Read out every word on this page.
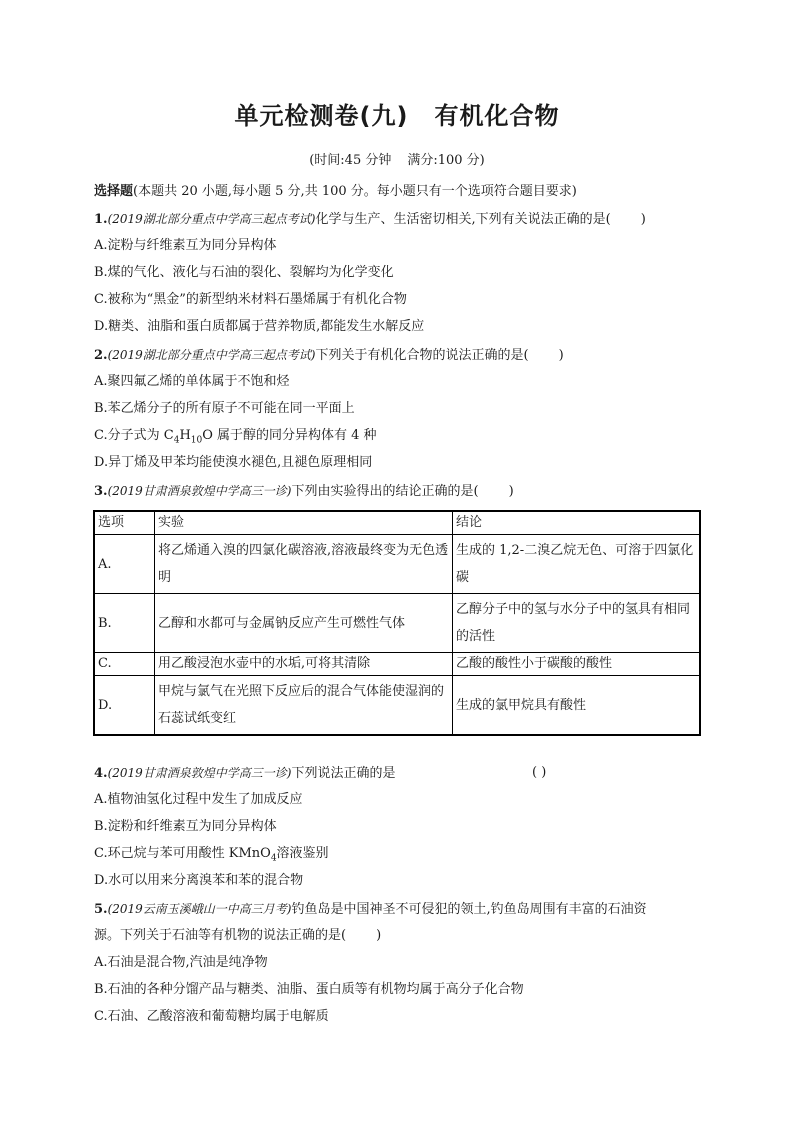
单元检测卷(九) 有机化合物
(时间:45 分钟 满分:100 分)
选择题(本题共 20 小题,每小题 5 分,共 100 分。每小题只有一个选项符合题目要求)
1.(2019湖北部分重点中学高三起点考试)化学与生产、生活密切相关,下列有关说法正确的是( )
A.淀粉与纤维素互为同分异构体
B.煤的气化、液化与石油的裂化、裂解均为化学变化
C.被称为“黑金”的新型纳米材料石墨烯属于有机化合物
D.糖类、油脂和蛋白质都属于营养物质,都能发生水解反应
2.(2019湖北部分重点中学高三起点考试)下列关于有机化合物的说法正确的是( )
A.聚四氟乙烯的单体属于不饱和烃
B.苯乙烯分子的所有原子不可能在同一平面上
C.分子式为 $C_4H_{10}O$ 属于醇的同分异构体有 4 种
D.异丁烯及甲苯均能使溴水褪色,且褪色原理相同
3.(2019甘肃酒泉敦煌中学高三一诊)下列由实验得出的结论正确的是( )
选项	实验	结论
A.	将乙烯通入溴的四氯化碳溶液,溶液最终变为无色透明	生成的 1,2-二溴乙烷无色、可溶于四氯化碳
B.	乙醇和水都可与金属钠反应产生可燃性气体	乙醇分子中的氢与水分子中的氢具有相同的活性
C.	用乙酸浸泡水壶中的水垢,可将其清除	乙酸的酸性小于碳酸的酸性
D.	甲烷与氯气在光照下反应后的混合气体能使湿润的石蕊试纸变红	生成的氯甲烷具有酸性
4.(2019甘肃酒泉敦煌中学高三一诊)下列说法正确的是	( )
A.植物油氢化过程中发生了加成反应
B.淀粉和纤维素互为同分异构体
C.环己烷与苯可用酸性 KMnO$_4$溶液鉴别
D.水可以用来分离溴苯和苯的混合物
5.(2019云南玉溪峨山一中高三月考)钓鱼岛是中国神圣不可侵犯的领土,钓鱼岛周围有丰富的石油资
源。下列关于石油等有机物的说法正确的是( )
A.石油是混合物,汽油是纯净物
B.石油的各种分馏产品与糖类、油脂、蛋白质等有机物均属于高分子化合物
C.石油、乙酸溶液和葡萄糖均属于电解质
